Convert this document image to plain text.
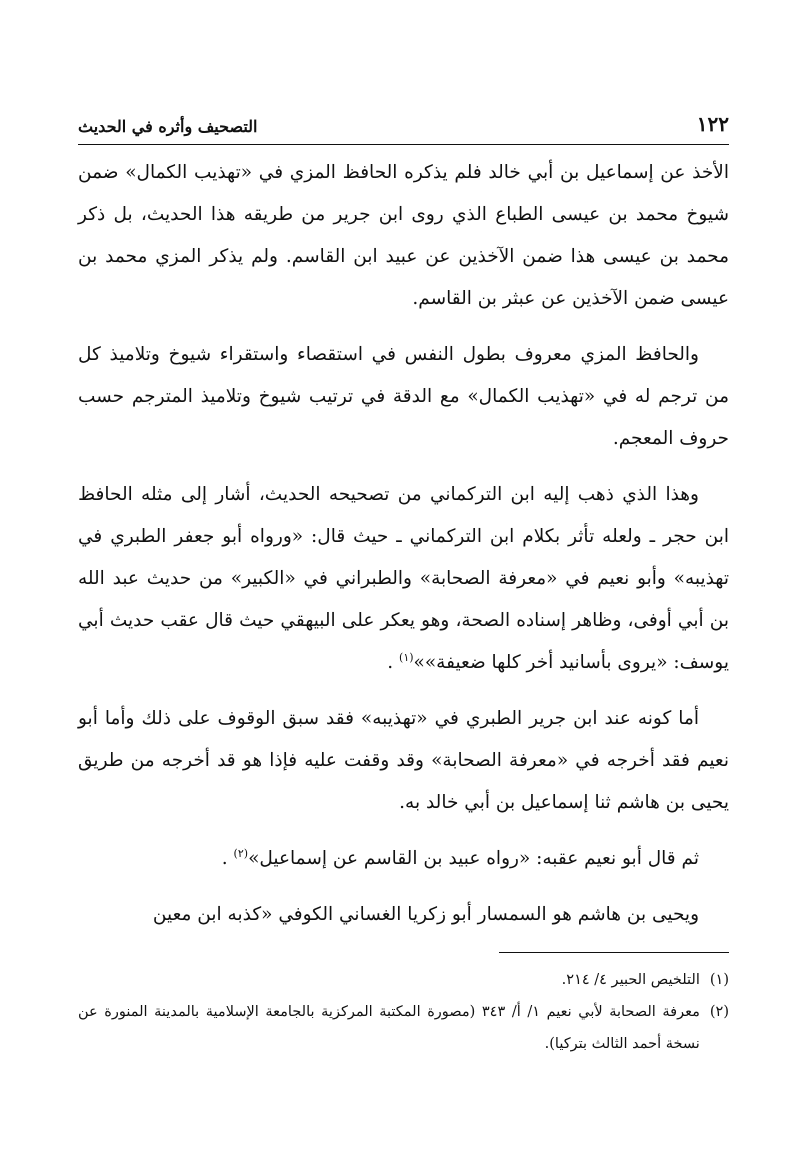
١٢٢
التصحيف وأثره في الحديث

الأخذ عن إسماعيل بن أبي خالد فلم يذكره الحافظ المزي في «تهذيب الكمال» ضمن شيوخ محمد بن عيسى الطباع الذي روى ابن جرير من طريقه هذا الحديث، بل ذكر محمد بن عيسى هذا ضمن الآخذين عن عبيد ابن القاسم. ولم يذكر المزي محمد بن عيسى ضمن الآخذين عن عبثر بن القاسم.

والحافظ المزي معروف بطول النفس في استقصاء واستقراء شيوخ وتلاميذ كل من ترجم له في «تهذيب الكمال» مع الدقة في ترتيب شيوخ وتلاميذ المترجم حسب حروف المعجم.

وهذا الذي ذهب إليه ابن التركماني من تصحيحه الحديث، أشار إلى مثله الحافظ ابن حجر ـ ولعله تأثر بكلام ابن التركماني ـ حيث قال: «ورواه أبو جعفر الطبري في تهذيبه» وأبو نعيم في «معرفة الصحابة» والطبراني في «الكبير» من حديث عبد الله بن أبي أوفى، وظاهر إسناده الصحة، وهو يعكر على البيهقي حيث قال عقب حديث أبي يوسف: «يروى بأسانيد أخر كلها ضعيفة»»$^{(١)}$ .

أما كونه عند ابن جرير الطبري في «تهذيبه» فقد سبق الوقوف على ذلك وأما أبو نعيم فقد أخرجه في «معرفة الصحابة» وقد وقفت عليه فإذا هو قد أخرجه من طريق يحيى بن هاشم ثنا إسماعيل بن أبي خالد به.

ثم قال أبو نعيم عقبه: «رواه عبيد بن القاسم عن إسماعيل»$^{(٢)}$ .

ويحيى بن هاشم هو السمسار أبو زكريا الغساني الكوفي «كذبه ابن معين

(١)
التلخيص الحبير ٤/ ٢١٤.
(٢)
معرفة الصحابة لأبي نعيم ١/ أ/ ٣٤٣ (مصورة المكتبة المركزية بالجامعة الإسلامية بالمدينة المنورة عن نسخة أحمد الثالث بتركيا).
